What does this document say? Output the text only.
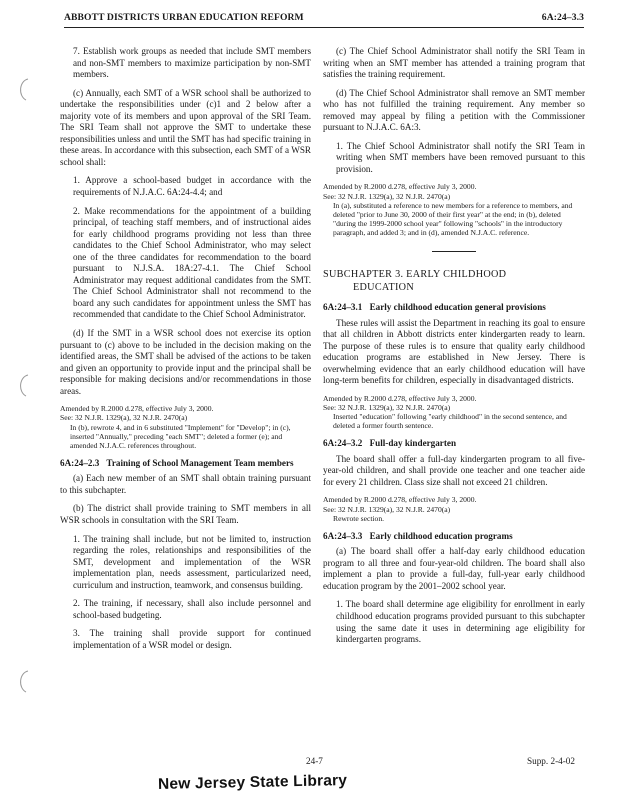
ABBOTT DISTRICTS URBAN EDUCATION REFORM	6A:24–3.3

7. Establish work groups as needed that include SMT members and non-SMT members to maximize participation by non-SMT members.

(c) Annually, each SMT of a WSR school shall be authorized to undertake the responsibilities under (c)1 and 2 below after a majority vote of its members and upon approval of the SRI Team. The SRI Team shall not approve the SMT to undertake these responsibilities unless and until the SMT has had specific training in these areas. In accordance with this subsection, each SMT of a WSR school shall:

1. Approve a school-based budget in accordance with the requirements of N.J.A.C. 6A:24-4.4; and

2. Make recommendations for the appointment of a building principal, of teaching staff members, and of instructional aides for early childhood programs providing not less than three candidates to the Chief School Administrator, who may select one of the three candidates for recommendation to the board pursuant to N.J.S.A. 18A:27-4.1. The Chief School Administrator may request additional candidates from the SMT. The Chief School Administrator shall not recommend to the board any such candidates for appointment unless the SMT has recommended that candidate to the Chief School Administrator.

(d) If the SMT in a WSR school does not exercise its option pursuant to (c) above to be included in the decision making on the identified areas, the SMT shall be advised of the actions to be taken and given an opportunity to provide input and the principal shall be responsible for making decisions and/or recommendations in those areas.

Amended by R.2000 d.278, effective July 3, 2000.
See: 32 N.J.R. 1329(a), 32 N.J.R. 2470(a)
In (b), rewrote 4, and in 6 substituted "Implement" for "Develop"; in (c), inserted "Annually," preceding "each SMT"; deleted a former (e); and amended N.J.A.C. references throughout.
6A:24–2.3 Training of School Management Team members

(a) Each new member of an SMT shall obtain training pursuant to this subchapter.

(b) The district shall provide training to SMT members in all WSR schools in consultation with the SRI Team.

1. The training shall include, but not be limited to, instruction regarding the roles, relationships and responsibilities of the SMT, development and implementation of the WSR implementation plan, needs assessment, particularized need, curriculum and instruction, teamwork, and consensus building.

2. The training, if necessary, shall also include personnel and school-based budgeting.

3. The training shall provide support for continued implementation of a WSR model or design.

(c) The Chief School Administrator shall notify the SRI Team in writing when an SMT member has attended a training program that satisfies the training requirement.

(d) The Chief School Administrator shall remove an SMT member who has not fulfilled the training requirement. Any member so removed may appeal by filing a petition with the Commissioner pursuant to N.J.A.C. 6A:3.

1. The Chief School Administrator shall notify the SRI Team in writing when SMT members have been removed pursuant to this provision.

Amended by R.2000 d.278, effective July 3, 2000.
See: 32 N.J.R. 1329(a), 32 N.J.R. 2470(a)
In (a), substituted a reference to new members for a reference to members, and deleted "prior to June 30, 2000 of their first year" at the end; in (b), deleted "during the 1999-2000 school year" following "schools" in the introductory paragraph, and added 3; and in (d), amended N.J.A.C. reference.
SUBCHAPTER 3. EARLY CHILDHOOD
EDUCATION
6A:24–3.1 Early childhood education general provisions

These rules will assist the Department in reaching its goal to ensure that all children in Abbott districts enter kindergarten ready to learn. The purpose of these rules is to ensure that quality early childhood education programs are established in New Jersey. There is overwhelming evidence that an early childhood education will have long-term benefits for children, especially in disadvantaged districts.

Amended by R.2000 d.278, effective July 3, 2000.
See: 32 N.J.R. 1329(a), 32 N.J.R. 2470(a)
Inserted "education" following "early childhood" in the second sentence, and deleted a former fourth sentence.
6A:24–3.2 Full-day kindergarten

The board shall offer a full-day kindergarten program to all five-year-old children, and shall provide one teacher and one teacher aide for every 21 children. Class size shall not exceed 21 children.

Amended by R.2000 d.278, effective July 3, 2000.
See: 32 N.J.R. 1329(a), 32 N.J.R. 2470(a)
Rewrote section.
6A:24–3.3 Early childhood education programs

(a) The board shall offer a half-day early childhood education program to all three and four-year-old children. The board shall also implement a plan to provide a full-day, full-year early childhood education program by the 2001–2002 school year.

1. The board shall determine age eligibility for enrollment in early childhood education programs provided pursuant to this subchapter using the same date it uses in determining age eligibility for kindergarten programs.

24-7	Supp. 2-4-02
New Jersey State Library
